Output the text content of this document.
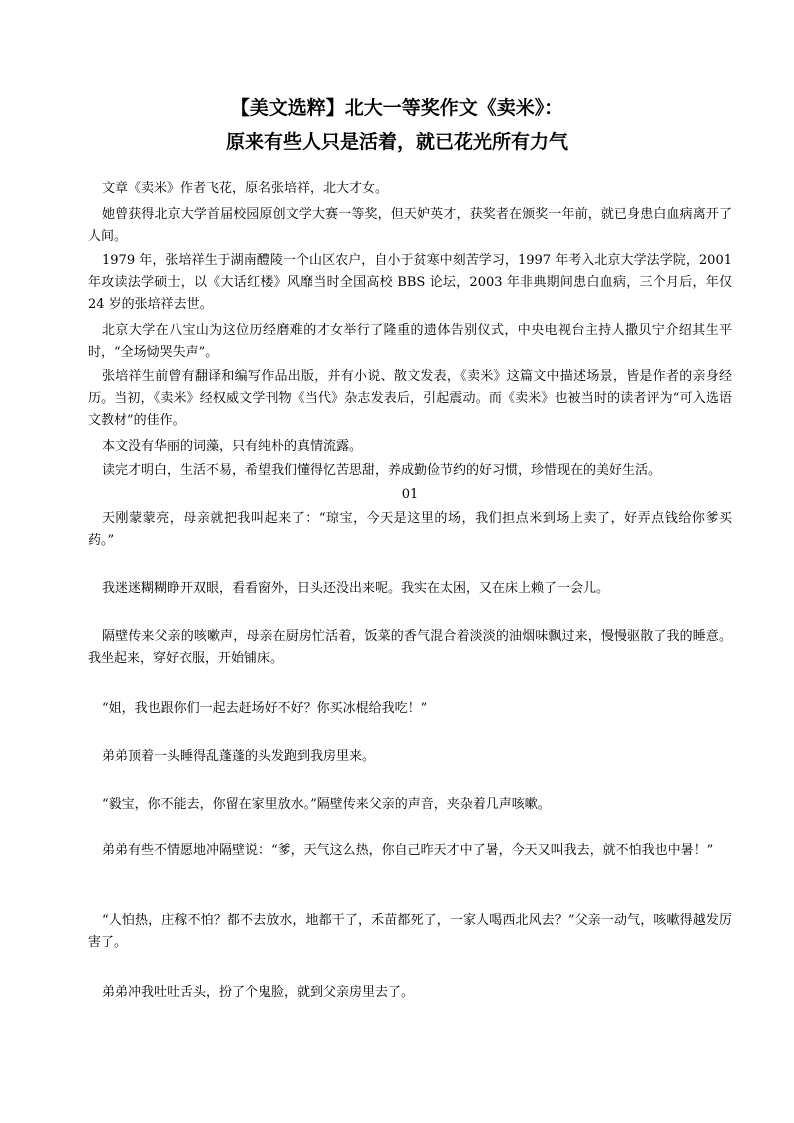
【美文选粹】北大一等奖作文《卖米》：
原来有些人只是活着，就已花光所有力气

文章《卖米》作者飞花，原名张培祥，北大才女。

她曾获得北京大学首届校园原创文学大赛一等奖，但天妒英才，获奖者在颁奖一年前，就已身患白血病离开了人间。

1979 年，张培祥生于湖南醴陵一个山区农户，自小于贫寒中刻苦学习，1997 年考入北京大学法学院，2001 年攻读法学硕士，以《大话红楼》风靡当时全国高校 BBS 论坛，2003 年非典期间患白血病，三个月后，年仅 24 岁的张培祥去世。

北京大学在八宝山为这位历经磨难的才女举行了隆重的遗体告别仪式，中央电视台主持人撒贝宁介绍其生平时，“全场恸哭失声”。

张培祥生前曾有翻译和编写作品出版，并有小说、散文发表，《卖米》这篇文中描述场景，皆是作者的亲身经历。当初，《卖米》经权威文学刊物《当代》杂志发表后，引起震动。而《卖米》也被当时的读者评为“可入选语文教材”的佳作。

本文没有华丽的词藻，只有纯朴的真情流露。

读完才明白，生活不易，希望我们懂得忆苦思甜，养成勤俭节约的好习惯，珍惜现在的美好生活。

01

天刚蒙蒙亮，母亲就把我叫起来了：“琼宝，今天是这里的场，我们担点米到场上卖了，好弄点钱给你爹买药。”

我迷迷糊糊睁开双眼，看看窗外，日头还没出来呢。我实在太困，又在床上赖了一会儿。

隔壁传来父亲的咳嗽声，母亲在厨房忙活着，饭菜的香气混合着淡淡的油烟味飘过来，慢慢驱散了我的睡意。我坐起来，穿好衣服，开始铺床。

“姐，我也跟你们一起去赶场好不好？你买冰棍给我吃！”

弟弟顶着一头睡得乱蓬蓬的头发跑到我房里来。

“毅宝，你不能去，你留在家里放水。”隔壁传来父亲的声音，夹杂着几声咳嗽。

弟弟有些不情愿地冲隔壁说：“爹，天气这么热，你自己昨天才中了暑，今天又叫我去，就不怕我也中暑！”

“人怕热，庄稼不怕？都不去放水，地都干了，禾苗都死了，一家人喝西北风去？”父亲一动气，咳嗽得越发厉害了。

弟弟冲我吐吐舌头，扮了个鬼脸，就到父亲房里去了。
